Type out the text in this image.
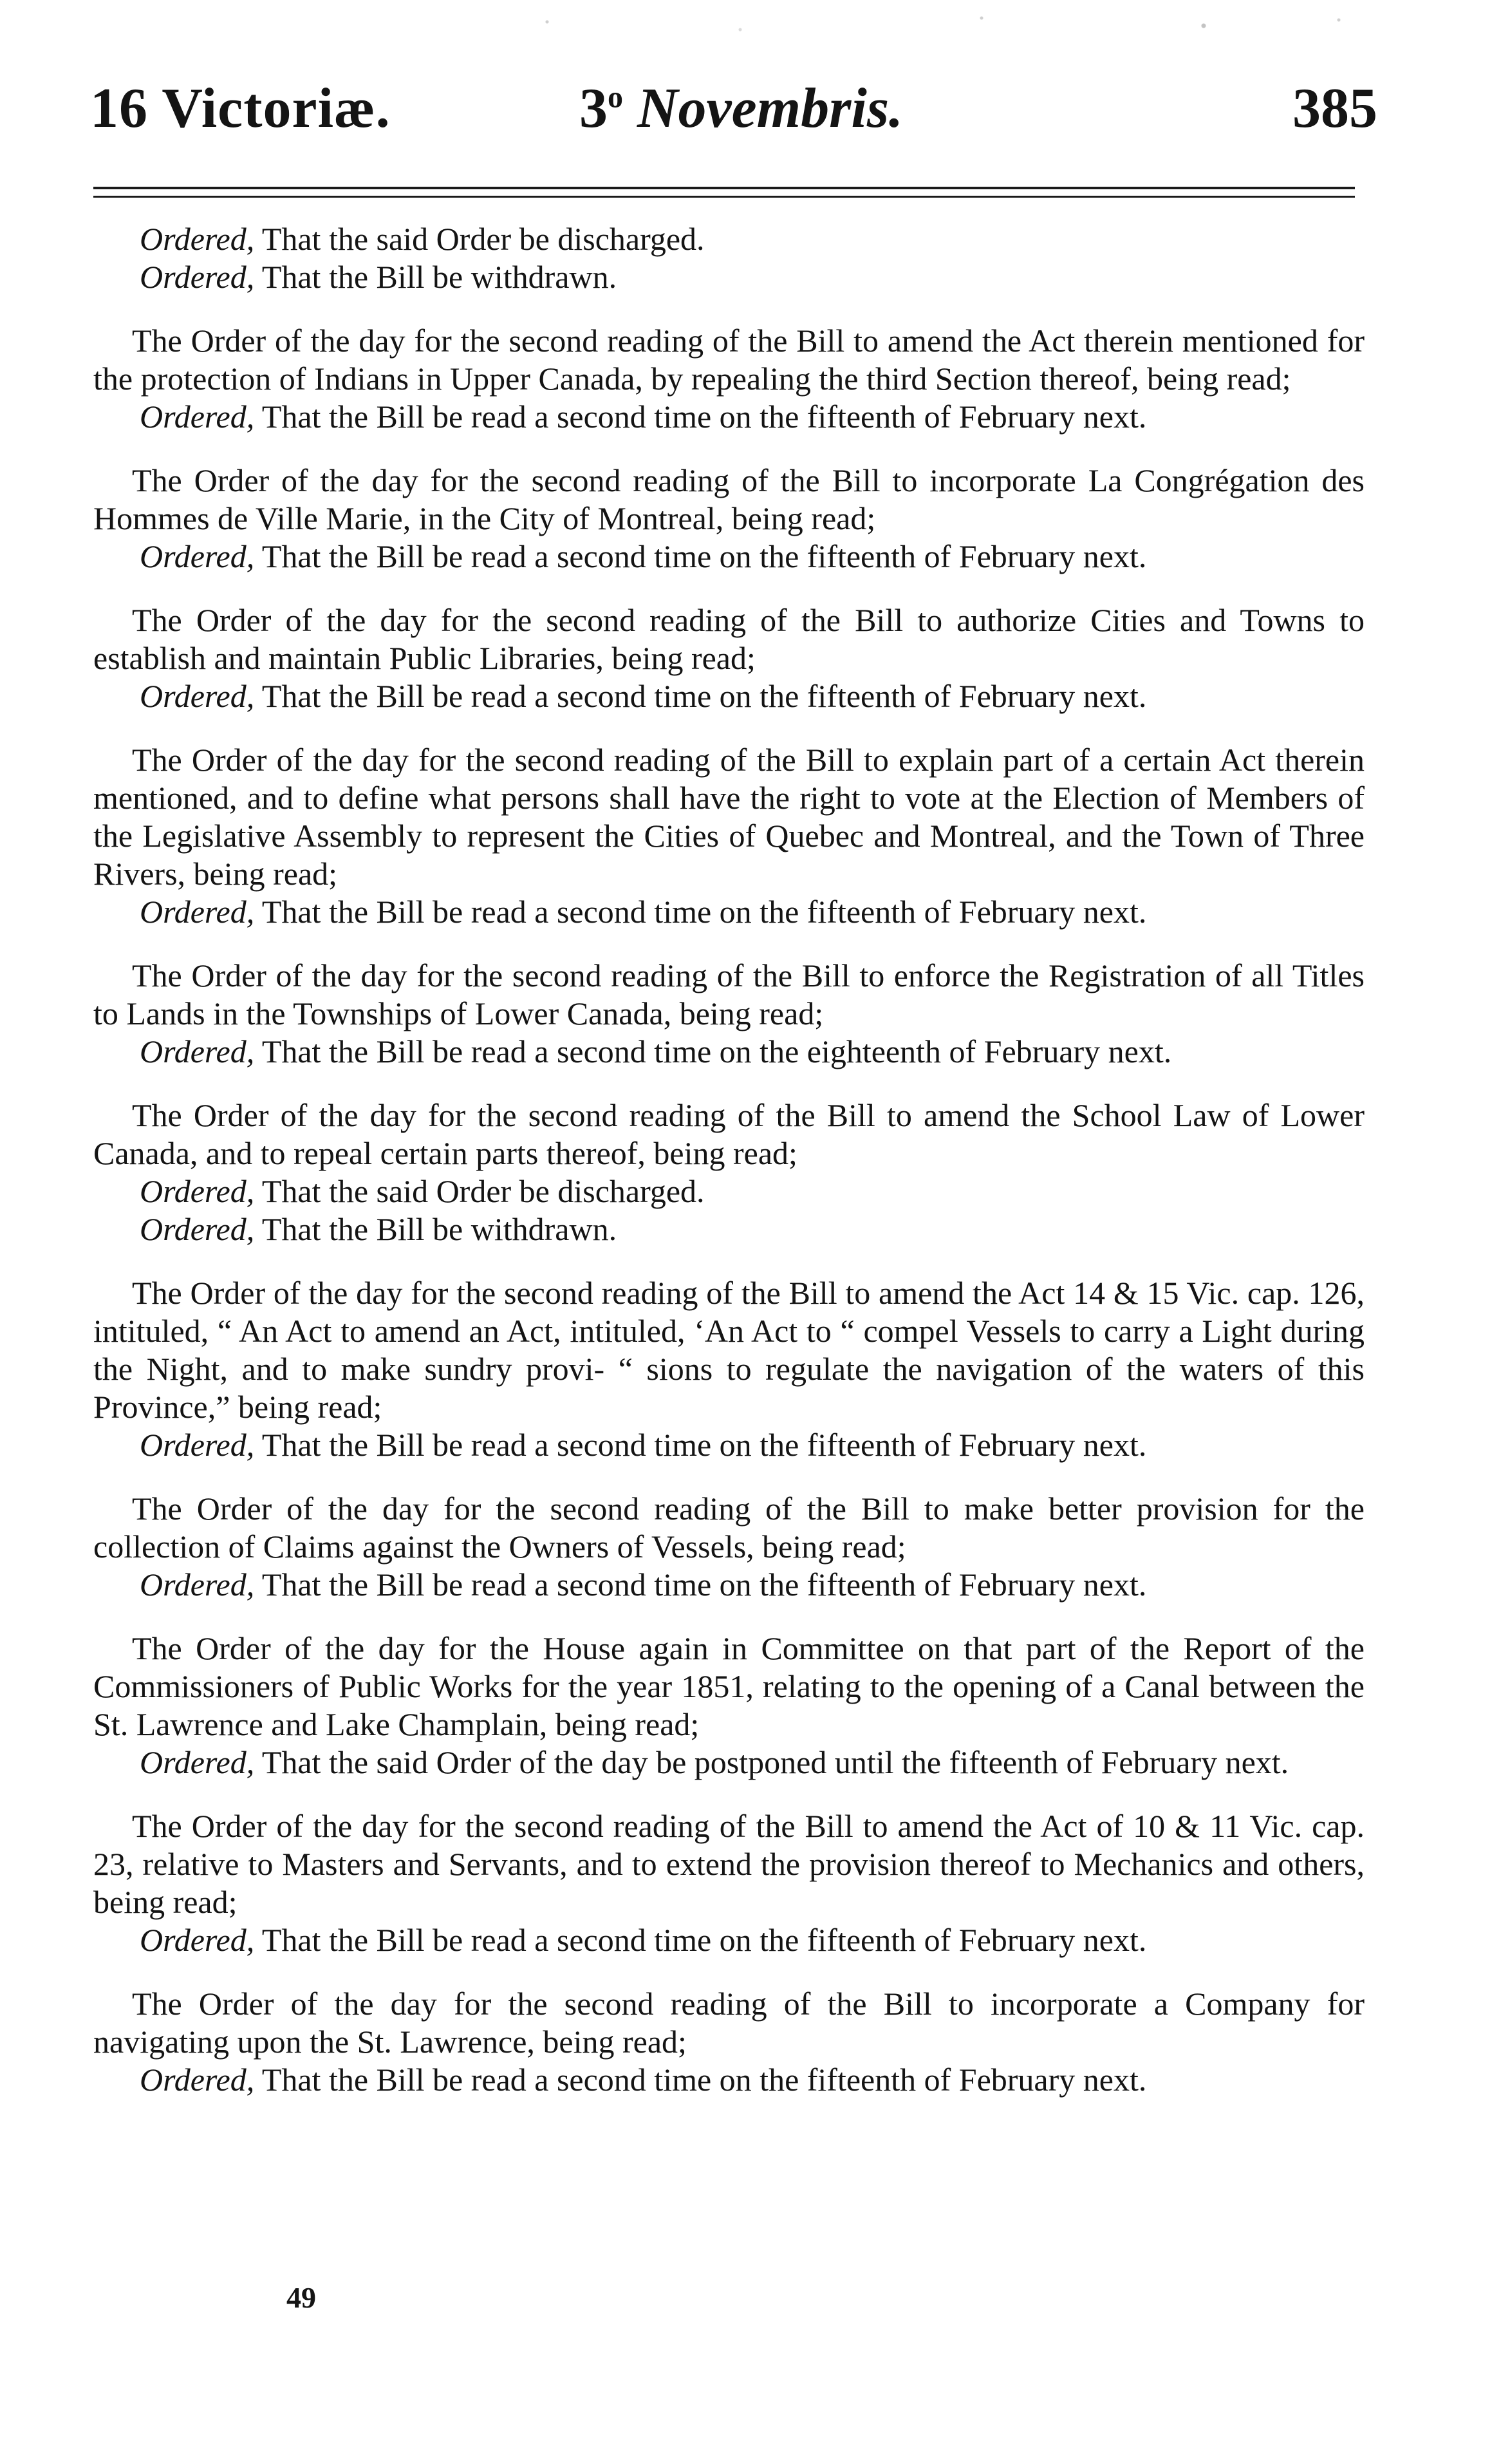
16 Victoriæ.	3$^o$ Novembris.	385
Ordered, That the said Order be discharged.
Ordered, That the Bill be withdrawn.
The Order of the day for the second reading of the Bill to amend the Act therein mentioned for the protection of Indians in Upper Canada, by repealing the third Section thereof, being read;
Ordered, That the Bill be read a second time on the fifteenth of February next.
The Order of the day for the second reading of the Bill to incorporate La Congrégation des Hommes de Ville Marie, in the City of Montreal, being read;
Ordered, That the Bill be read a second time on the fifteenth of February next.
The Order of the day for the second reading of the Bill to authorize Cities and Towns to establish and maintain Public Libraries, being read;
Ordered, That the Bill be read a second time on the fifteenth of February next.
The Order of the day for the second reading of the Bill to explain part of a certain Act therein mentioned, and to define what persons shall have the right to vote at the Election of Members of the Legislative Assembly to represent the Cities of Quebec and Montreal, and the Town of Three Rivers, being read;
Ordered, That the Bill be read a second time on the fifteenth of February next.
The Order of the day for the second reading of the Bill to enforce the Registration of all Titles to Lands in the Townships of Lower Canada, being read;
Ordered, That the Bill be read a second time on the eighteenth of February next.
The Order of the day for the second reading of the Bill to amend the School Law of Lower Canada, and to repeal certain parts thereof, being read;
Ordered, That the said Order be discharged.
Ordered, That the Bill be withdrawn.
The Order of the day for the second reading of the Bill to amend the Act 14 & 15 Vic. cap. 126, intituled, “ An Act to amend an Act, intituled, ‘An Act to “ compel Vessels to carry a Light during the Night, and to make sundry provi- “ sions to regulate the navigation of the waters of this Province,” being read;
Ordered, That the Bill be read a second time on the fifteenth of February next.
The Order of the day for the second reading of the Bill to make better provision for the collection of Claims against the Owners of Vessels, being read;
Ordered, That the Bill be read a second time on the fifteenth of February next.
The Order of the day for the House again in Committee on that part of the Report of the Commissioners of Public Works for the year 1851, relating to the opening of a Canal between the St. Lawrence and Lake Champlain, being read;
Ordered, That the said Order of the day be postponed until the fifteenth of February next.
The Order of the day for the second reading of the Bill to amend the Act of 10 & 11 Vic. cap. 23, relative to Masters and Servants, and to extend the provision thereof to Mechanics and others, being read;
Ordered, That the Bill be read a second time on the fifteenth of February next.
The Order of the day for the second reading of the Bill to incorporate a Company for navigating upon the St. Lawrence, being read;
Ordered, That the Bill be read a second time on the fifteenth of February next.
49
